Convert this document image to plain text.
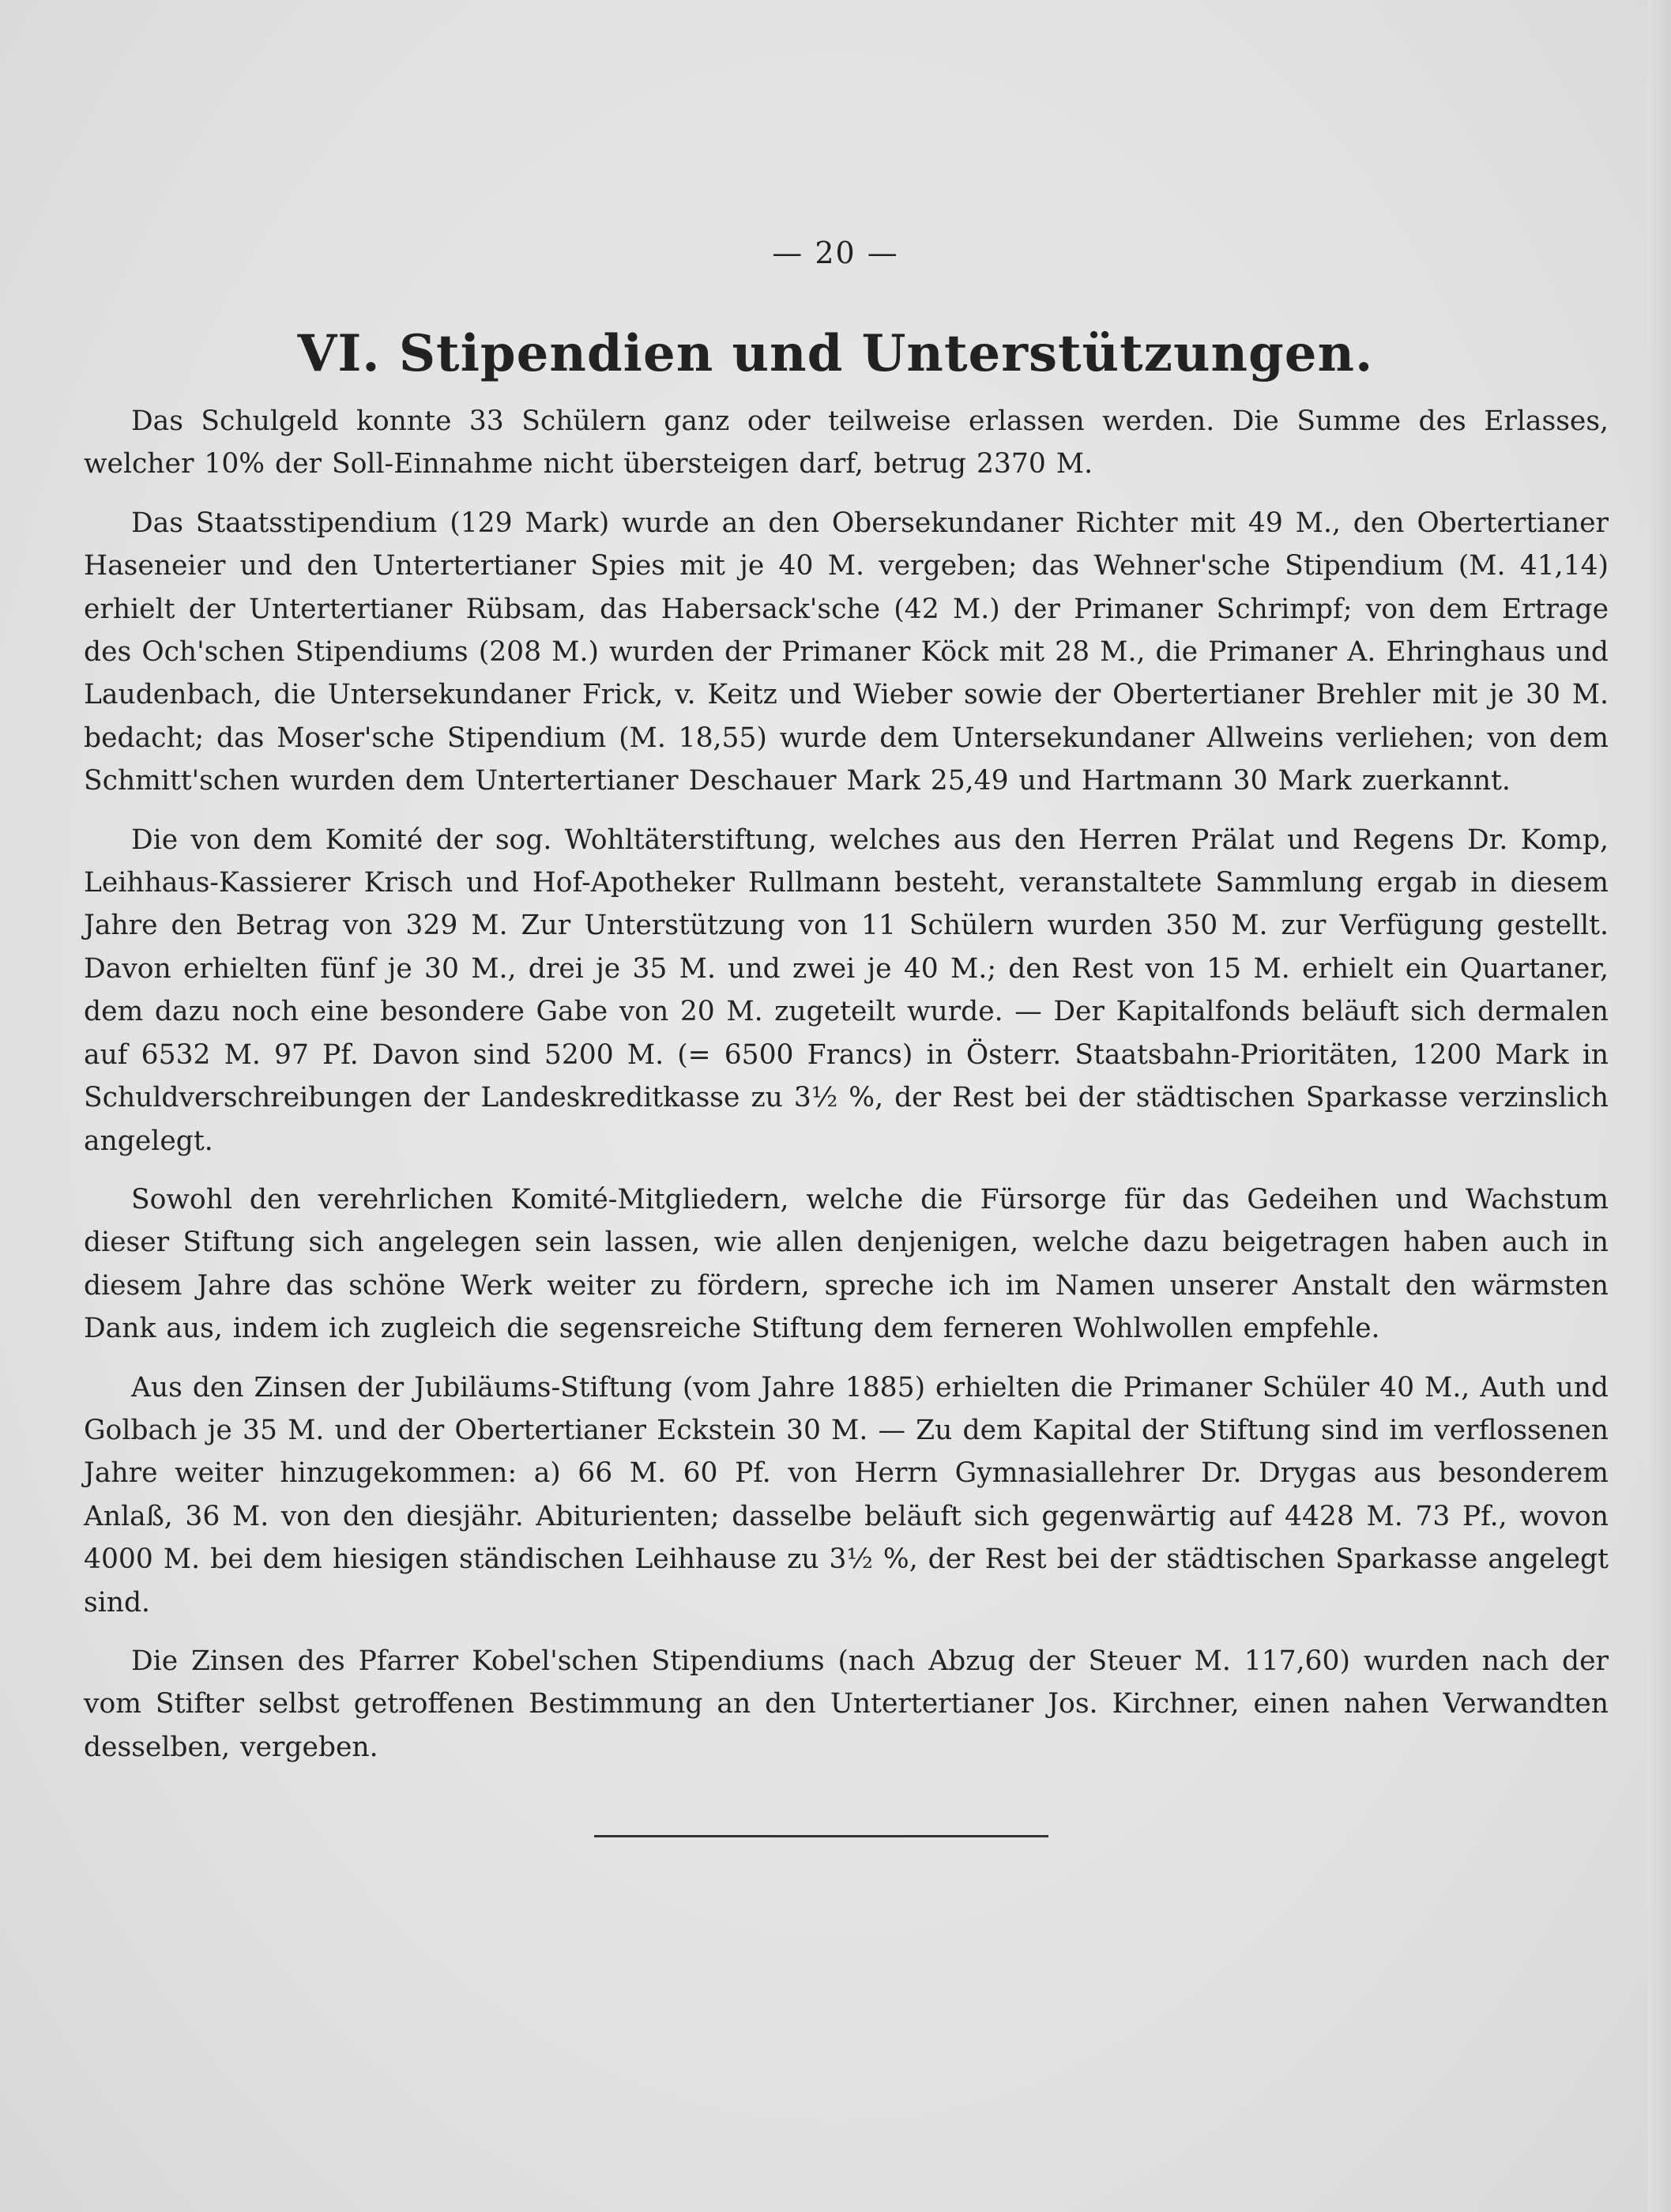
— 20 —
VI. Stipendien und Unterstützungen.

Das Schulgeld konnte 33 Schülern ganz oder teilweise erlassen werden. Die Summe des Erlasses, welcher 10% der Soll-Einnahme nicht übersteigen darf, betrug 2370 M.

Das Staatsstipendium (129 Mark) wurde an den Obersekundaner Richter mit 49 M., den Obertertianer Haseneier und den Untertertianer Spies mit je 40 M. vergeben; das Wehner'sche Stipendium (M. 41,14) erhielt der Untertertianer Rübsam, das Habersack'sche (42 M.) der Primaner Schrimpf; von dem Ertrage des Och'schen Stipendiums (208 M.) wurden der Primaner Köck mit 28 M., die Primaner A. Ehringhaus und Laudenbach, die Untersekundaner Frick, v. Keitz und Wieber sowie der Obertertianer Brehler mit je 30 M. bedacht; das Moser'sche Stipendium (M. 18,55) wurde dem Untersekundaner Allweins verliehen; von dem Schmitt'schen wurden dem Untertertianer Deschauer Mark 25,49 und Hartmann 30 Mark zuerkannt.

Die von dem Komité der sog. Wohltäterstiftung, welches aus den Herren Prälat und Regens Dr. Komp, Leihhaus-Kassierer Krisch und Hof-Apotheker Rullmann besteht, veranstaltete Sammlung ergab in diesem Jahre den Betrag von 329 M. Zur Unterstützung von 11 Schülern wurden 350 M. zur Verfügung gestellt. Davon erhielten fünf je 30 M., drei je 35 M. und zwei je 40 M.; den Rest von 15 M. erhielt ein Quartaner, dem dazu noch eine besondere Gabe von 20 M. zugeteilt wurde. — Der Kapitalfonds beläuft sich dermalen auf 6532 M. 97 Pf. Davon sind 5200 M. (= 6500 Francs) in Österr. Staatsbahn-Prioritäten, 1200 Mark in Schuldverschreibungen der Landeskreditkasse zu 3½ %, der Rest bei der städtischen Sparkasse verzinslich angelegt.

Sowohl den verehrlichen Komité-Mitgliedern, welche die Fürsorge für das Gedeihen und Wachstum dieser Stiftung sich angelegen sein lassen, wie allen denjenigen, welche dazu beigetragen haben auch in diesem Jahre das schöne Werk weiter zu fördern, spreche ich im Namen unserer Anstalt den wärmsten Dank aus, indem ich zugleich die segensreiche Stiftung dem ferneren Wohlwollen empfehle.

Aus den Zinsen der Jubiläums-Stiftung (vom Jahre 1885) erhielten die Primaner Schüler 40 M., Auth und Golbach je 35 M. und der Obertertianer Eckstein 30 M. — Zu dem Kapital der Stiftung sind im verflossenen Jahre weiter hinzugekommen: a) 66 M. 60 Pf. von Herrn Gymnasiallehrer Dr. Drygas aus besonderem Anlaß, 36 M. von den diesjähr. Abiturienten; dasselbe beläuft sich gegenwärtig auf 4428 M. 73 Pf., wovon 4000 M. bei dem hiesigen ständischen Leihhause zu 3½ %, der Rest bei der städtischen Sparkasse angelegt sind.

Die Zinsen des Pfarrer Kobel'schen Stipendiums (nach Abzug der Steuer M. 117,60) wurden nach der vom Stifter selbst getroffenen Bestimmung an den Untertertianer Jos. Kirchner, einen nahen Verwandten desselben, vergeben.
